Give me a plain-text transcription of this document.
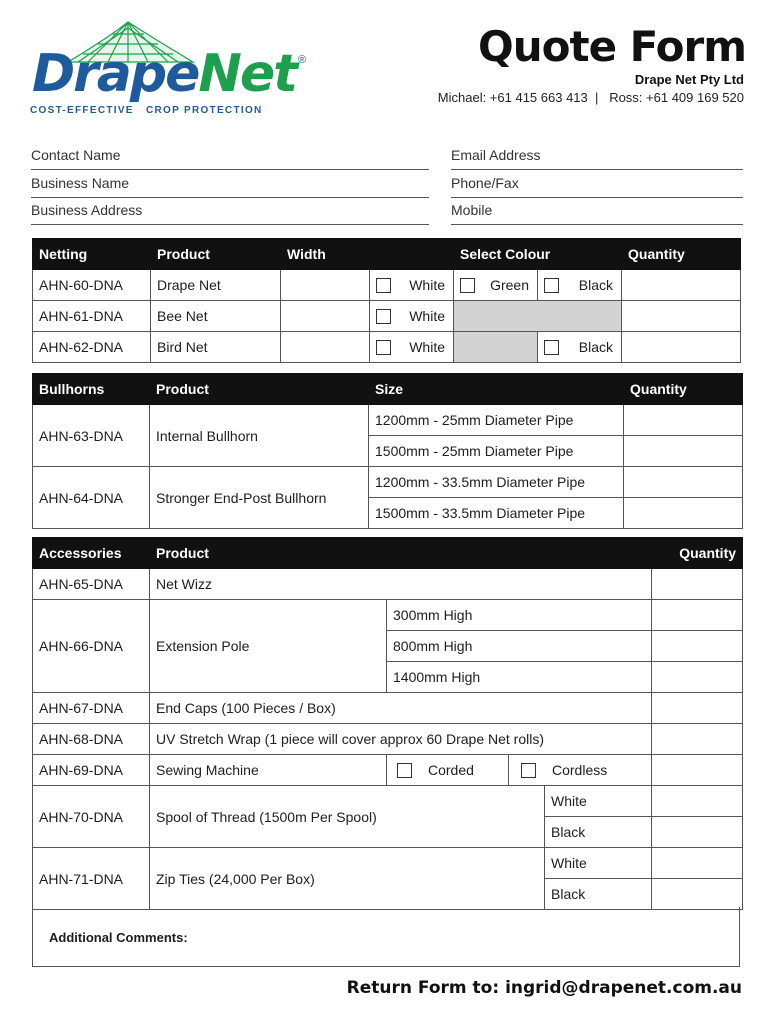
DrapeNet ®
COST-EFFECTIVE   CROP PROTECTION
Quote Form
Drape Net Pty Ltd
Michael: +61 415 663 413  |   Ross: +61 409 169 520
Contact Name
Business Name
Business Address
Email Address
Phone/Fax
Mobile
Netting	Product	Width		Select Colour		Quantity
AHN-60-DNA	Drape Net		White	Green	Black	

AHN-61-DNA	Bee Net		White			

AHN-62-DNA	Bird Net		White		Black	

Bullhorns	Product	Size	Quantity
AHN-63-DNA	Internal Bullhorn	1200mm - 25mm Diameter Pipe	
		1500mm - 25mm Diameter Pipe	
AHN-64-DNA	Stronger End-Post Bullhorn	1200mm - 33.5mm Diameter Pipe	
		1500mm - 33.5mm Diameter Pipe	
Accessories	Product				Quantity
AHN-65-DNA	Net Wizz				
AHN-66-DNA	Extension Pole	300mm High			
		800mm High			
		1400mm High			
AHN-67-DNA	End Caps (100 Pieces / Box)				
AHN-68-DNA	UV Stretch Wrap (1 piece will cover approx 60 Drape Net rolls)				
AHN-69-DNA	Sewing Machine	Corded	Cordless		
AHN-70-DNA	Spool of Thread (1500m Per Spool)			White	
				Black	
AHN-71-DNA	Zip Ties (24,000 Per Box)			White	
				Black	
Additional Comments:
Return Form to: ingrid@drapenet.com.au
